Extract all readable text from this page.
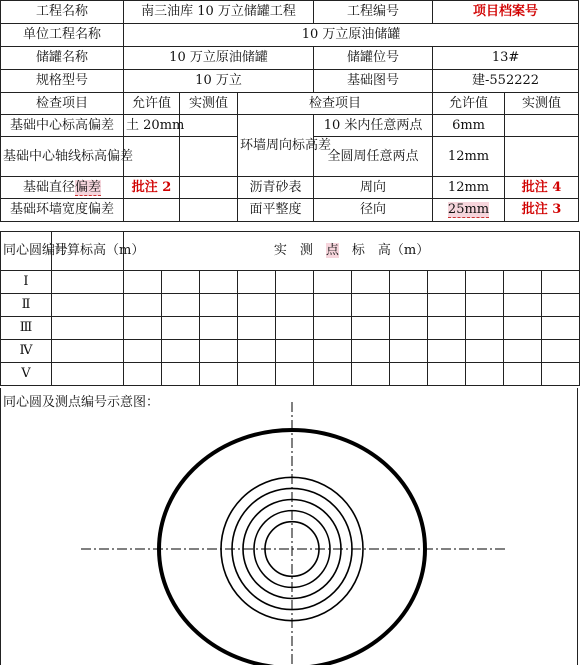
工程名称	南三油库 10 万立储罐工程			工程编号	项目档案号	
单位工程名称	10 万立原油储罐					
储罐名称	10 万立原油储罐			储罐位号	13#	
规格型号	10 万立			基础图号	建-552222	
检查项目	允许值	实测值	检查项目		允许值	实测值
基础中心标高偏差	土 20mm		环墙周向标高差	10 米内任意两点	6mm	
基础中心轴线标高偏差				全圆周任意两点	12mm	

基础直径偏差	批注 2		沥青砂表	周向	12mm	批注 4
基础环墙宽度偏差			面平整度	径向	25mm	批注 3
同心圆编号	计算标高（m）	实　测　点　标　高（m）											
Ⅰ													
Ⅱ													
Ⅲ													
Ⅳ													
Ⅴ													
同心圆及测点编号示意图：
